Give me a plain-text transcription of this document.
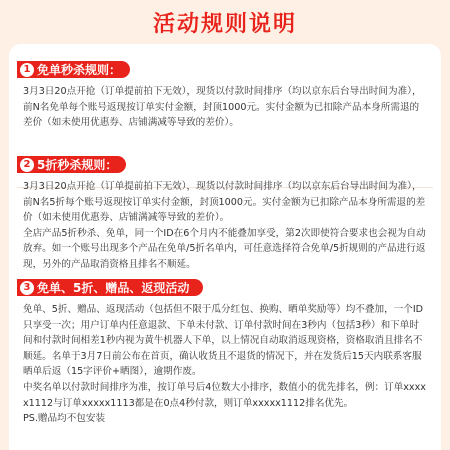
活动规则说明
1 免单秒杀规则：
3月3日20点开抢（订单提前拍下无效），现货以付款时间排序（均以京东后台导出时间为准），前N名免单每个账号返现按订单实付金额，封顶1000元。实付金额为已扣除产品本身所需退的差价（如未使用优惠券、店铺满减等导致的差价）。
2 5折秒杀规则：
3月3日20点开抢（订单提前拍下无效），现货以付款时间排序（均以京东后台导出时间为准），前N名5折每个账号返现按订单实付金额，封顶1000元。实付金额为已扣除产品本身所需退的差价（如未使用优惠券、店铺满减等导致的差价）。
全店产品5折秒杀、免单，同一个ID在6个月内不能叠加享受，第2次即使符合要求也会视为自动放弃。如一个账号出现多个产品在免单/5折名单内，可任意选择符合免单/5折规则的产品进行返现，另外的产品取消资格且排名不顺延。
3 免单、5折、赠品、返现活动
免单、5折、赠品、返现活动（包括但不限于瓜分红包、换购、晒单奖励等）均不叠加，一个ID只享受一次；用户订单内任意退款、下单未付款、订单付款时间在3秒内（包括3秒）和下单时间和付款时间相差1秒内视为黄牛机器人下单，以上情况自动取消返现资格，资格取消且排名不顺延。名单于3月7日前公布在首页，确认收货且不退货的情况下，并在发货后15天内联系客服晒单后返（15字评价+晒图），逾期作废。
中奖名单以付款时间排序为准，按订单号后4位数大小排序，数值小的优先排名，例：订单xxxxx1112与订单xxxxx1113都是在0点4秒付款，则订单xxxxx1112排名优先。
PS.赠品均不包安装
